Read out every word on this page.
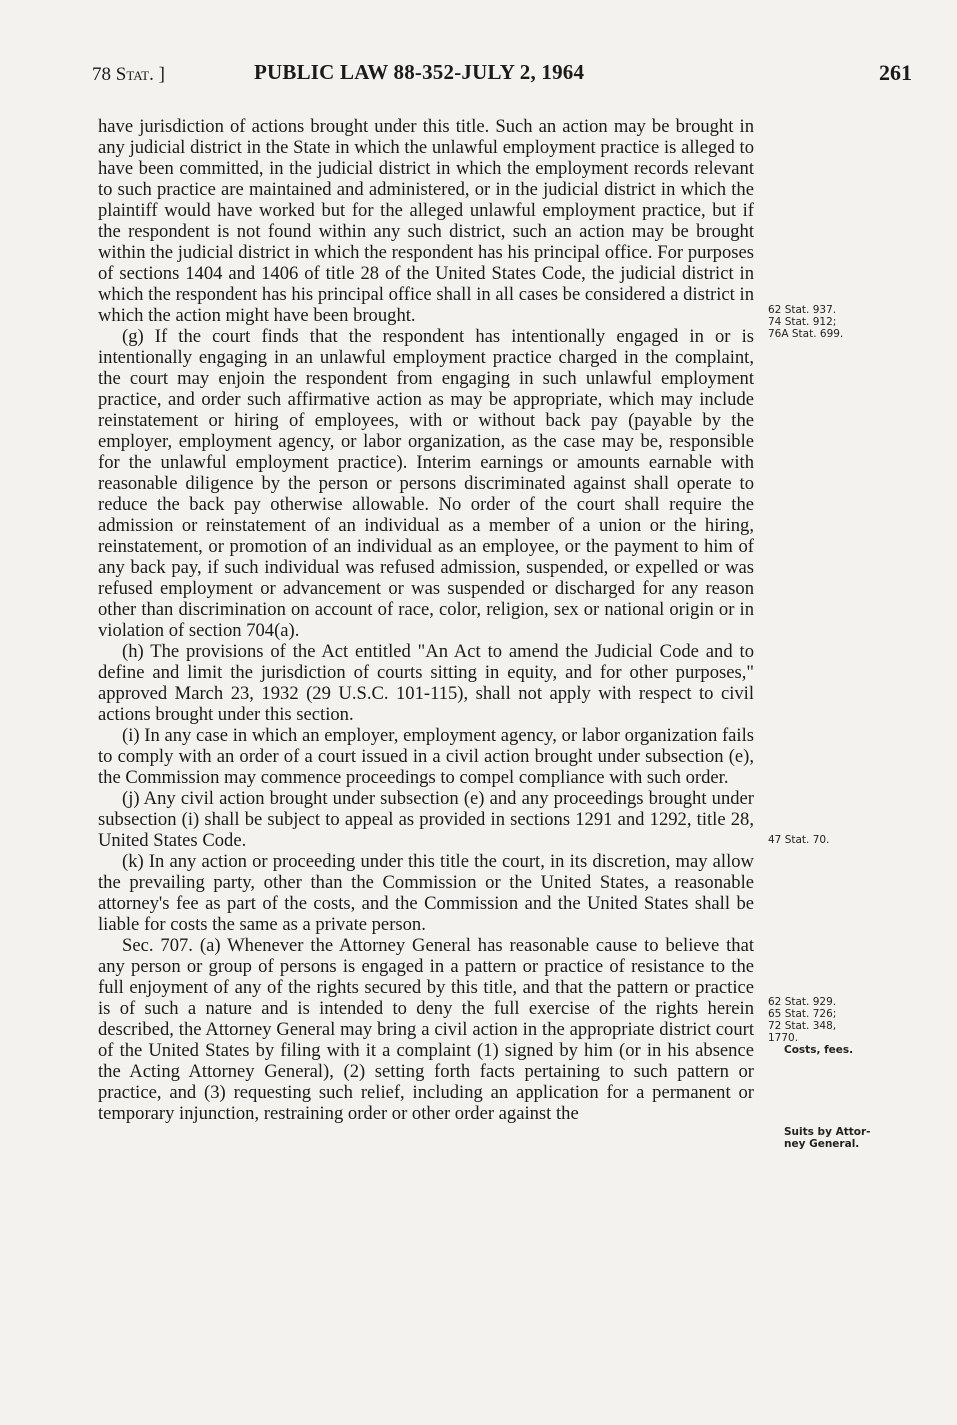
78 Stat. ]	PUBLIC LAW 88-352-JULY 2, 1964	261

have jurisdiction of actions brought under this title. Such an action may be brought in any judicial district in the State in which the unlawful employment practice is alleged to have been committed, in the judicial district in which the employment records relevant to such practice are maintained and administered, or in the judicial district in which the plaintiff would have worked but for the alleged unlawful employment practice, but if the respondent is not found within any such district, such an action may be brought within the judicial district in which the respondent has his principal office. For purposes of sections 1404 and 1406 of title 28 of the United States Code, the judicial district in which the respondent has his principal office shall in all cases be considered a district in which the action might have been brought.

(g) If the court finds that the respondent has intentionally engaged in or is intentionally engaging in an unlawful employment practice charged in the complaint, the court may enjoin the respondent from engaging in such unlawful employment practice, and order such affirmative action as may be appropriate, which may include reinstatement or hiring of employees, with or without back pay (payable by the employer, employment agency, or labor organization, as the case may be, responsible for the unlawful employment practice). Interim earnings or amounts earnable with reasonable diligence by the person or persons discriminated against shall operate to reduce the back pay otherwise allowable. No order of the court shall require the admission or reinstatement of an individual as a member of a union or the hiring, reinstatement, or promotion of an individual as an employee, or the payment to him of any back pay, if such individual was refused admission, suspended, or expelled or was refused employment or advancement or was suspended or discharged for any reason other than discrimination on account of race, color, religion, sex or national origin or in violation of section 704(a).

(h) The provisions of the Act entitled "An Act to amend the Judicial Code and to define and limit the jurisdiction of courts sitting in equity, and for other purposes," approved March 23, 1932 (29 U.S.C. 101-115), shall not apply with respect to civil actions brought under this section.

(i) In any case in which an employer, employment agency, or labor organization fails to comply with an order of a court issued in a civil action brought under subsection (e), the Commission may commence proceedings to compel compliance with such order.

(j) Any civil action brought under subsection (e) and any proceedings brought under subsection (i) shall be subject to appeal as provided in sections 1291 and 1292, title 28, United States Code.

(k) In any action or proceeding under this title the court, in its discretion, may allow the prevailing party, other than the Commission or the United States, a reasonable attorney's fee as part of the costs, and the Commission and the United States shall be liable for costs the same as a private person.

Sec. 707. (a) Whenever the Attorney General has reasonable cause to believe that any person or group of persons is engaged in a pattern or practice of resistance to the full enjoyment of any of the rights secured by this title, and that the pattern or practice is of such a nature and is intended to deny the full exercise of the rights herein described, the Attorney General may bring a civil action in the appropriate district court of the United States by filing with it a complaint (1) signed by him (or in his absence the Acting Attorney General), (2) setting forth facts pertaining to such pattern or practice, and (3) requesting such relief, including an application for a permanent or temporary injunction, restraining order or other order against the

62 Stat. 937.
74 Stat. 912;
76A Stat. 699.
47 Stat. 70.
62 Stat. 929.
65 Stat. 726;
72 Stat. 348,
1770.
Costs, fees.
Suits by Attor-
ney General.
